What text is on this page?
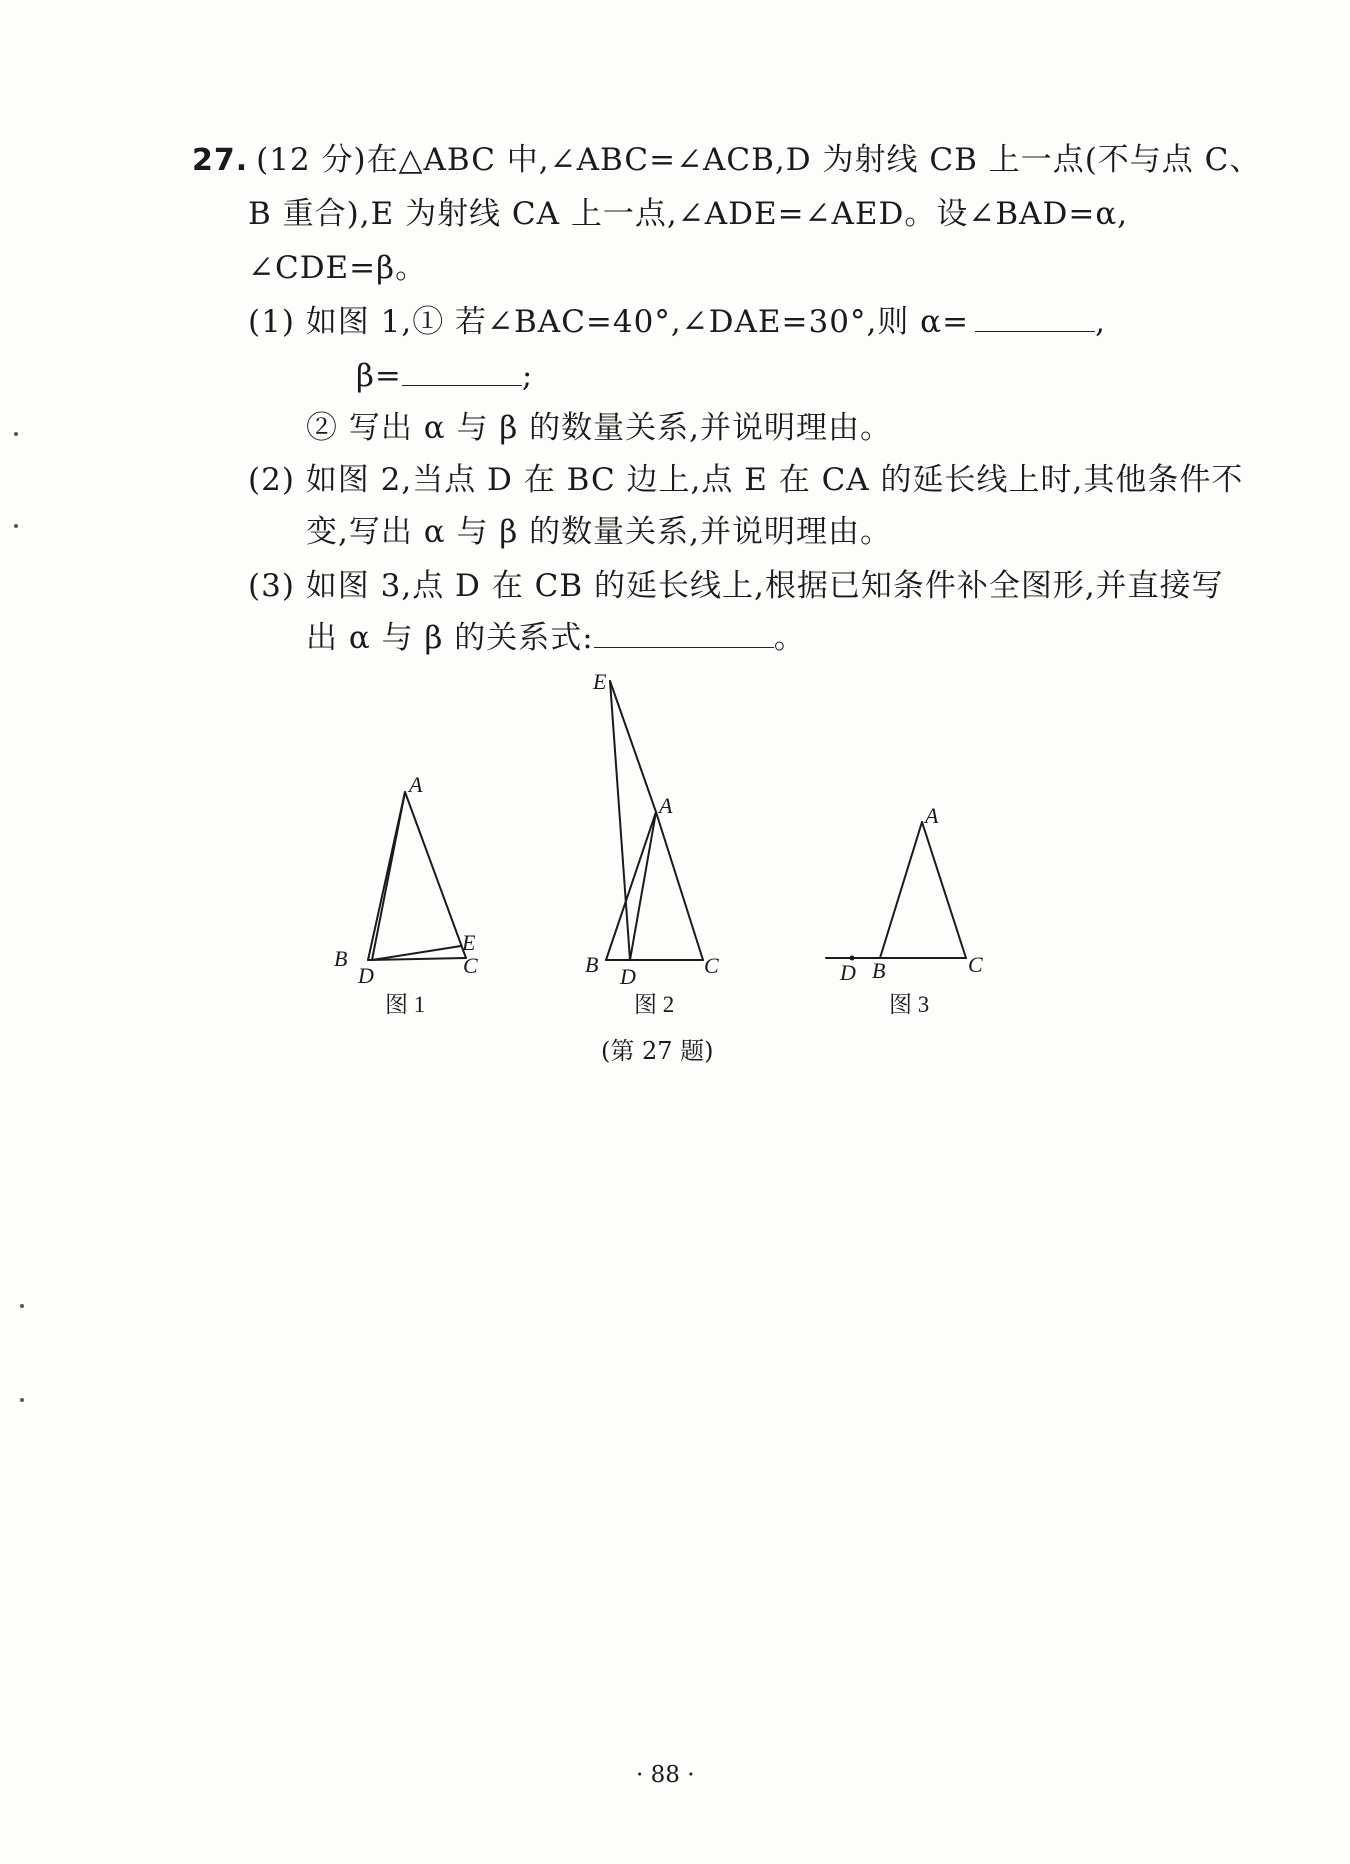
27. (12 分)在△ABC 中,∠ABC=∠ACB,D 为射线 CB 上一点(不与点 C、
B 重合),E 为射线 CA 上一点,∠ADE=∠AED。设∠BAD=α,
∠CDE=β。
(1) 如图 1,① 若∠BAC=40°,∠DAE=30°,则 α=	,
β=	;
② 写出 α 与 β 的数量关系,并说明理由。
(2) 如图 2,当点 D 在 BC 边上,点 E 在 CA 的延长线上时,其他条件不
变,写出 α 与 β 的数量关系,并说明理由。
(3) 如图 3,点 D 在 CB 的延长线上,根据已知条件补全图形,并直接写
出 α 与 β 的关系式:	。
A
B	C
D
E
图 1
E
A
B	C
D
图 2
A
B	C
D
图 3
(第 27 题)
· 88 ·
